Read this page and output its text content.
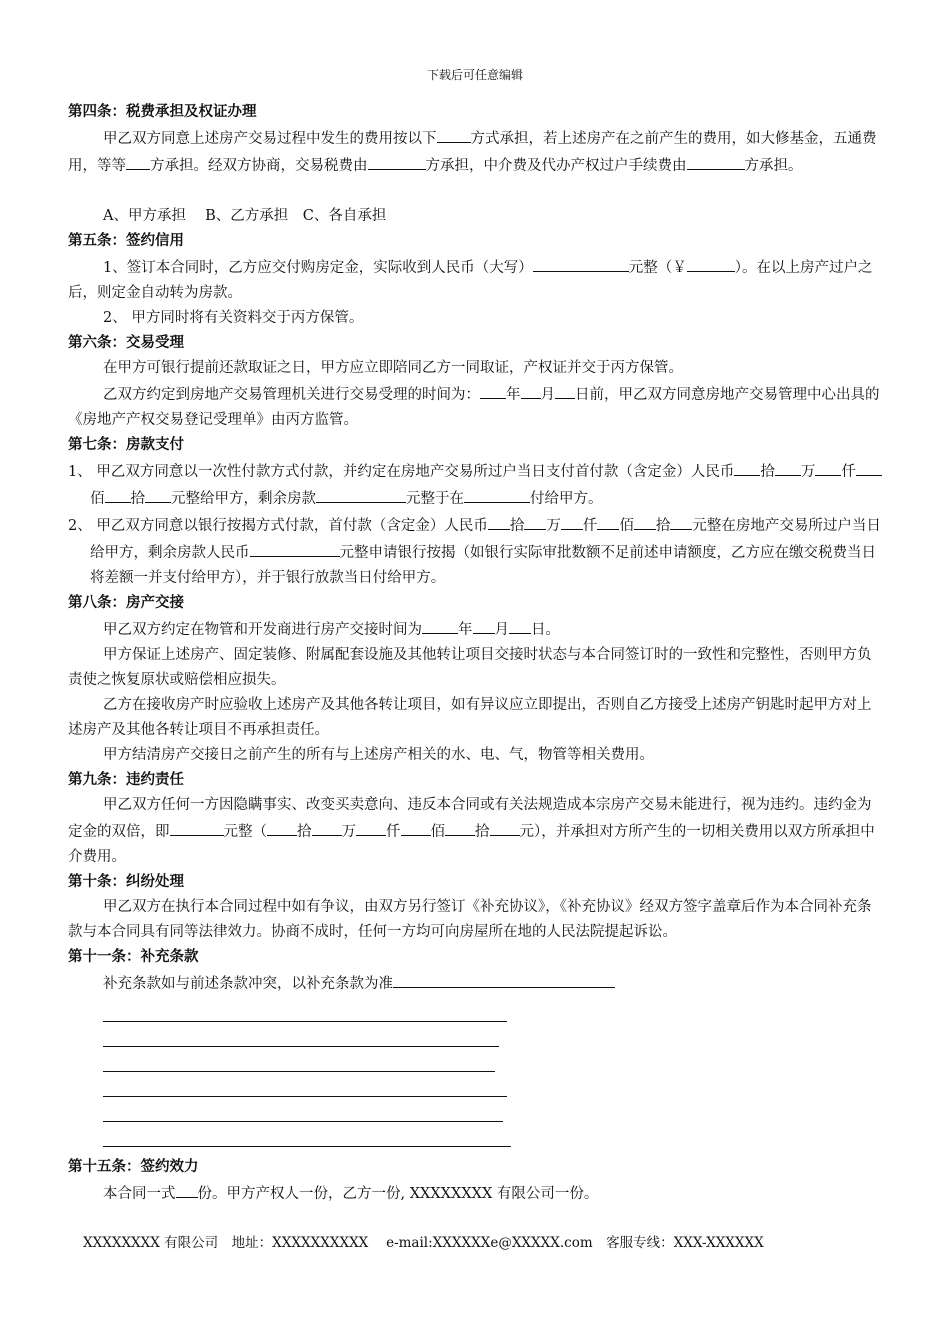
下载后可任意编辑
第四条：税费承担及权证办理

甲乙双方同意上述房产交易过程中发生的费用按以下 方式承担，若上述房产在之前产生的费用，如大修基金，五通费用，等等 方承担。经双方协商，交易税费由	方承担，中介费及代办产权过户手续费由	方承担。

A、甲方承担　 B、乙方承担　C、各自承担

第五条：签约信用

1、签订本合同时，乙方应交付购房定金，实际收到人民币（大写）	元整（￥	）。在以上房产过户之后，则定金自动转为房款。

2、 甲方同时将有关资料交于丙方保管。

第六条：交易受理

在甲方可银行提前还款取证之日，甲方应立即陪同乙方一同取证，产权证并交于丙方保管。

乙双方约定到房地产交易管理机关进行交易受理的时间为： 年 月 日前，甲乙双方同意房地产交易管理中心出具的《房地产产权交易登记受理单》由丙方监管。

第七条：房款支付

1、 甲乙双方同意以一次性付款方式付款，并约定在房地产交易所过户当日支付首付款（含定金）人民币 拾 万 仟佰 拾 元整给甲方，剩余房款	元整于在	付给甲方。

2、 甲乙双方同意以银行按揭方式付款，首付款（含定金）人民币 拾 万 仟 佰 拾 元整在房地产交易所过户当日给甲方，剩余房款人民币	元整申请银行按揭（如银行实际审批数额不足前述申请额度，乙方应在缴交税费当日将差额一并支付给甲方），并于银行放款当日付给甲方。

第八条：房产交接

甲乙双方约定在物管和开发商进行房产交接时间为 年 月 日。

甲方保证上述房产、固定装修、附属配套设施及其他转让项目交接时状态与本合同签订时的一致性和完整性，否则甲方负责使之恢复原状或赔偿相应损失。

乙方在接收房产时应验收上述房产及其他各转让项目，如有异议应立即提出，否则自乙方接受上述房产钥匙时起甲方对上述房产及其他各转让项目不再承担责任。

甲方结清房产交接日之前产生的所有与上述房产相关的水、电、气，物管等相关费用。

第九条：违约责任

甲乙双方任何一方因隐瞒事实、改变买卖意向、违反本合同或有关法规造成本宗房产交易未能进行，视为违约。违约金为定金的双倍，即	元整（ 拾 万 仟 佰 拾 元），并承担对方所产生的一切相关费用以双方所承担中介费用。

第十条：纠纷处理

甲乙双方在执行本合同过程中如有争议，由双方另行签订《补充协议》，《补充协议》经双方签字盖章后作为本合同补充条款与本合同具有同等法律效力。协商不成时，任何一方均可向房屋所在地的人民法院提起诉讼。

第十一条：补充条款

补充条款如与前述条款冲突，以补充条款为准

第十五条：签约效力

本合同一式 份。甲方产权人一份，乙方一份, XXXXXXXX 有限公司一份。

XXXXXXXX 有限公司　地址：XXXXXXXXXX　 e-mail:XXXXXXe@XXXXX.com　客服专线：XXX-XXXXXX
